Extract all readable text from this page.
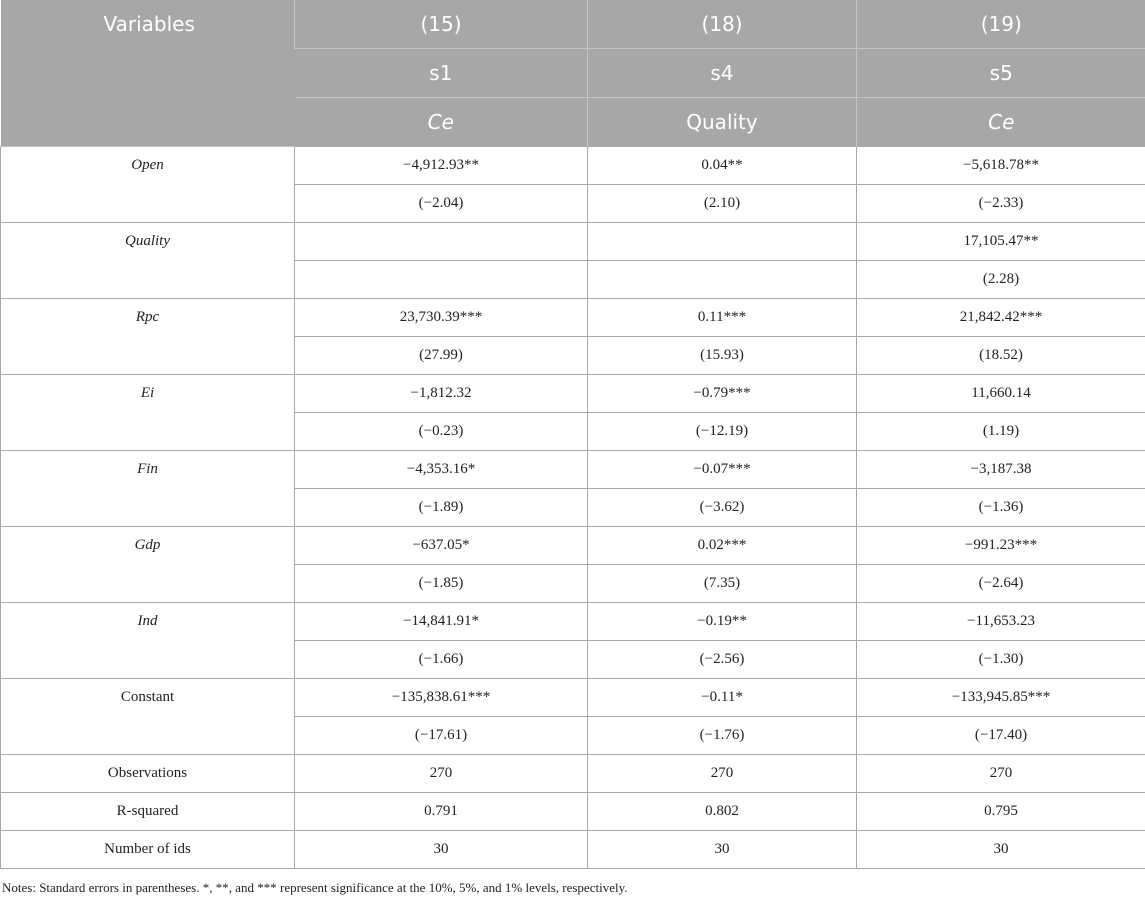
Variables	(15)	(18)	(19)
	s1	s4	s5
	Ce	Quality	Ce
Open	−4,912.93**	0.04**	−5,618.78**
	(−2.04)	(2.10)	(−2.33)
Quality			17,105.47**
			(2.28)
Rpc	23,730.39***	0.11***	21,842.42***
	(27.99)	(15.93)	(18.52)
Ei	−1,812.32	−0.79***	11,660.14
	(−0.23)	(−12.19)	(1.19)
Fin	−4,353.16*	−0.07***	−3,187.38
	(−1.89)	(−3.62)	(−1.36)
Gdp	−637.05*	0.02***	−991.23***
	(−1.85)	(7.35)	(−2.64)
Ind	−14,841.91*	−0.19**	−11,653.23
	(−1.66)	(−2.56)	(−1.30)
Constant	−135,838.61***	−0.11*	−133,945.85***
	(−17.61)	(−1.76)	(−17.40)
Observations	270	270	270
R-squared	0.791	0.802	0.795
Number of ids	30	30	30
Notes: Standard errors in parentheses. *, **, and *** represent significance at the 10%, 5%, and 1% levels, respectively.
